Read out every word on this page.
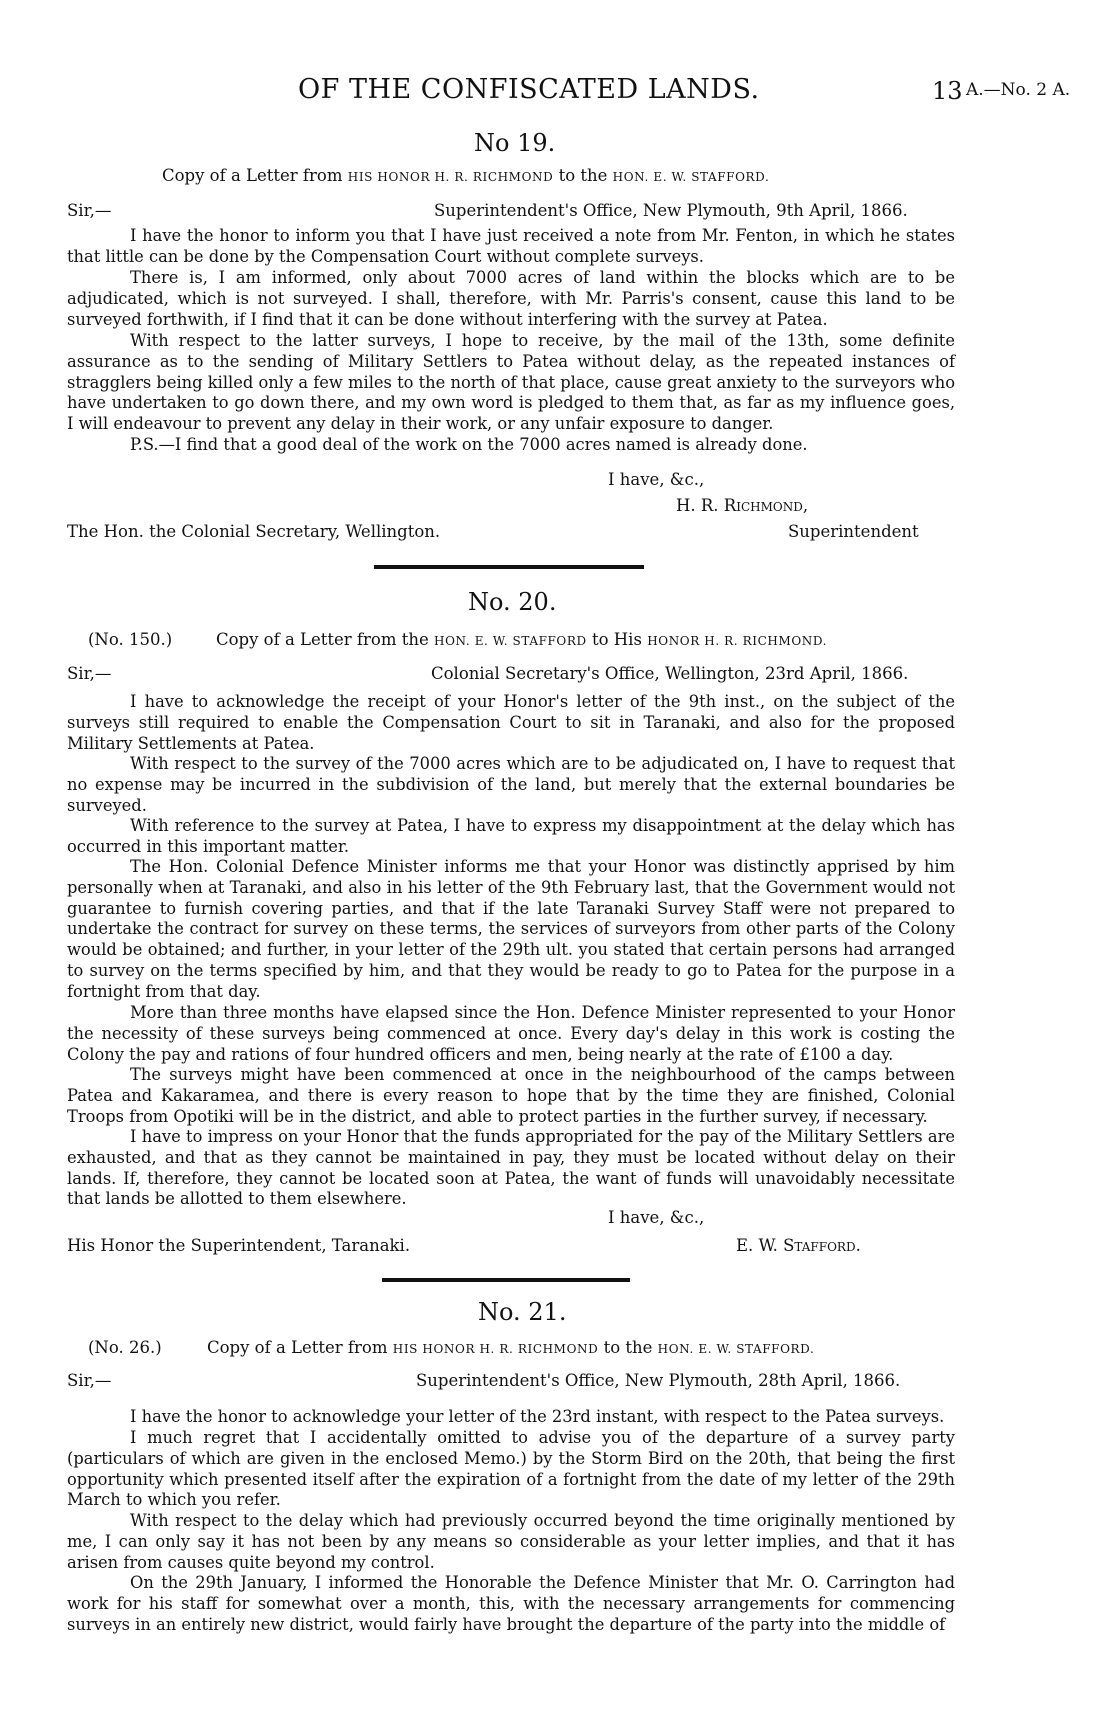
OF THE CONFISCATED LANDS.	13 A.—No. 2 A.
No 19.
Copy of a Letter from HIS HONOR H. R. RICHMOND to the HON. E. W. STAFFORD.
Sir,—	Superintendent's Office, New Plymouth, 9th April, 1866.

I have the honor to inform you that I have just received a note from Mr. Fenton, in which he states that little can be done by the Compensation Court without complete surveys.

There is, I am informed, only about 7000 acres of land within the blocks which are to be adjudicated, which is not surveyed. I shall, therefore, with Mr. Parris's consent, cause this land to be surveyed forthwith, if I find that it can be done without interfering with the survey at Patea.

With respect to the latter surveys, I hope to receive, by the mail of the 13th, some definite assurance as to the sending of Military Settlers to Patea without delay, as the repeated instances of stragglers being killed only a few miles to the north of that place, cause great anxiety to the surveyors who have undertaken to go down there, and my own word is pledged to them that, as far as my influence goes, I will endeavour to prevent any delay in their work, or any unfair exposure to danger.

P.S.—I find that a good deal of the work on the 7000 acres named is already done.

I have, &c.,
H. R. Richmond,
The Hon. the Colonial Secretary, Wellington.	Superintendent
No. 20.
(No. 150.)	Copy of a Letter from the HON. E. W. STAFFORD to His HONOR H. R. RICHMOND.
Sir,—	Colonial Secretary's Office, Wellington, 23rd April, 1866.

I have to acknowledge the receipt of your Honor's letter of the 9th inst., on the subject of the surveys still required to enable the Compensation Court to sit in Taranaki, and also for the proposed Military Settlements at Patea.

With respect to the survey of the 7000 acres which are to be adjudicated on, I have to request that no expense may be incurred in the subdivision of the land, but merely that the external boundaries be surveyed.

With reference to the survey at Patea, I have to express my disappointment at the delay which has occurred in this important matter.

The Hon. Colonial Defence Minister informs me that your Honor was distinctly apprised by him personally when at Taranaki, and also in his letter of the 9th February last, that the Government would not guarantee to furnish covering parties, and that if the late Taranaki Survey Staff were not prepared to undertake the contract for survey on these terms, the services of surveyors from other parts of the Colony would be obtained; and further, in your letter of the 29th ult. you stated that certain persons had arranged to survey on the terms specified by him, and that they would be ready to go to Patea for the purpose in a fortnight from that day.

More than three months have elapsed since the Hon. Defence Minister represented to your Honor the necessity of these surveys being commenced at once. Every day's delay in this work is costing the Colony the pay and rations of four hundred officers and men, being nearly at the rate of £100 a day.

The surveys might have been commenced at once in the neighbourhood of the camps between Patea and Kakaramea, and there is every reason to hope that by the time they are finished, Colonial Troops from Opotiki will be in the district, and able to protect parties in the further survey, if necessary.

I have to impress on your Honor that the funds appropriated for the pay of the Military Settlers are exhausted, and that as they cannot be maintained in pay, they must be located without delay on their lands. If, therefore, they cannot be located soon at Patea, the want of funds will unavoidably necessitate that lands be allotted to them elsewhere.

I have, &c.,
His Honor the Superintendent, Taranaki.	E. W. Stafford.
No. 21.
(No. 26.)	Copy of a Letter from HIS HONOR H. R. RICHMOND to the HON. E. W. STAFFORD.
Sir,—	Superintendent's Office, New Plymouth, 28th April, 1866.

I have the honor to acknowledge your letter of the 23rd instant, with respect to the Patea surveys.

I much regret that I accidentally omitted to advise you of the departure of a survey party (particulars of which are given in the enclosed Memo.) by the Storm Bird on the 20th, that being the first opportunity which presented itself after the expiration of a fortnight from the date of my letter of the 29th March to which you refer.

With respect to the delay which had previously occurred beyond the time originally mentioned by me, I can only say it has not been by any means so considerable as your letter implies, and that it has arisen from causes quite beyond my control.

On the 29th January, I informed the Honorable the Defence Minister that Mr. O. Carrington had work for his staff for somewhat over a month, this, with the necessary arrangements for commencing surveys in an entirely new district, would fairly have brought the departure of the party into the middle of
